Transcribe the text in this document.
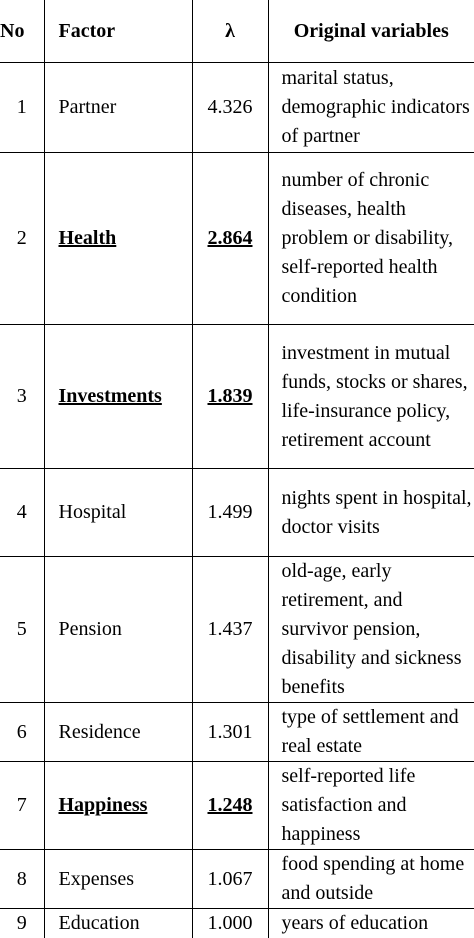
No	Factor	λ	Original variables
1	Partner	4.326	marital status, demographic indicators of partner

2	Health	2.864	number of chronic diseases, health problem or disability, self-reported health condition

3	Investments	1.839	investment in mutual funds, stocks or shares, life-insurance policy, retirement account

4	Hospital	1.499	nights spent in hospital, doctor visits

5	Pension	1.437	old-age, early retirement, and survivor pension, disability and sickness benefits

6	Residence	1.301	type of settlement and real estate

7	Happiness	1.248	self-reported life satisfaction and happiness

8	Expenses	1.067	food spending at home and outside

9	Education	1.000	years of education
